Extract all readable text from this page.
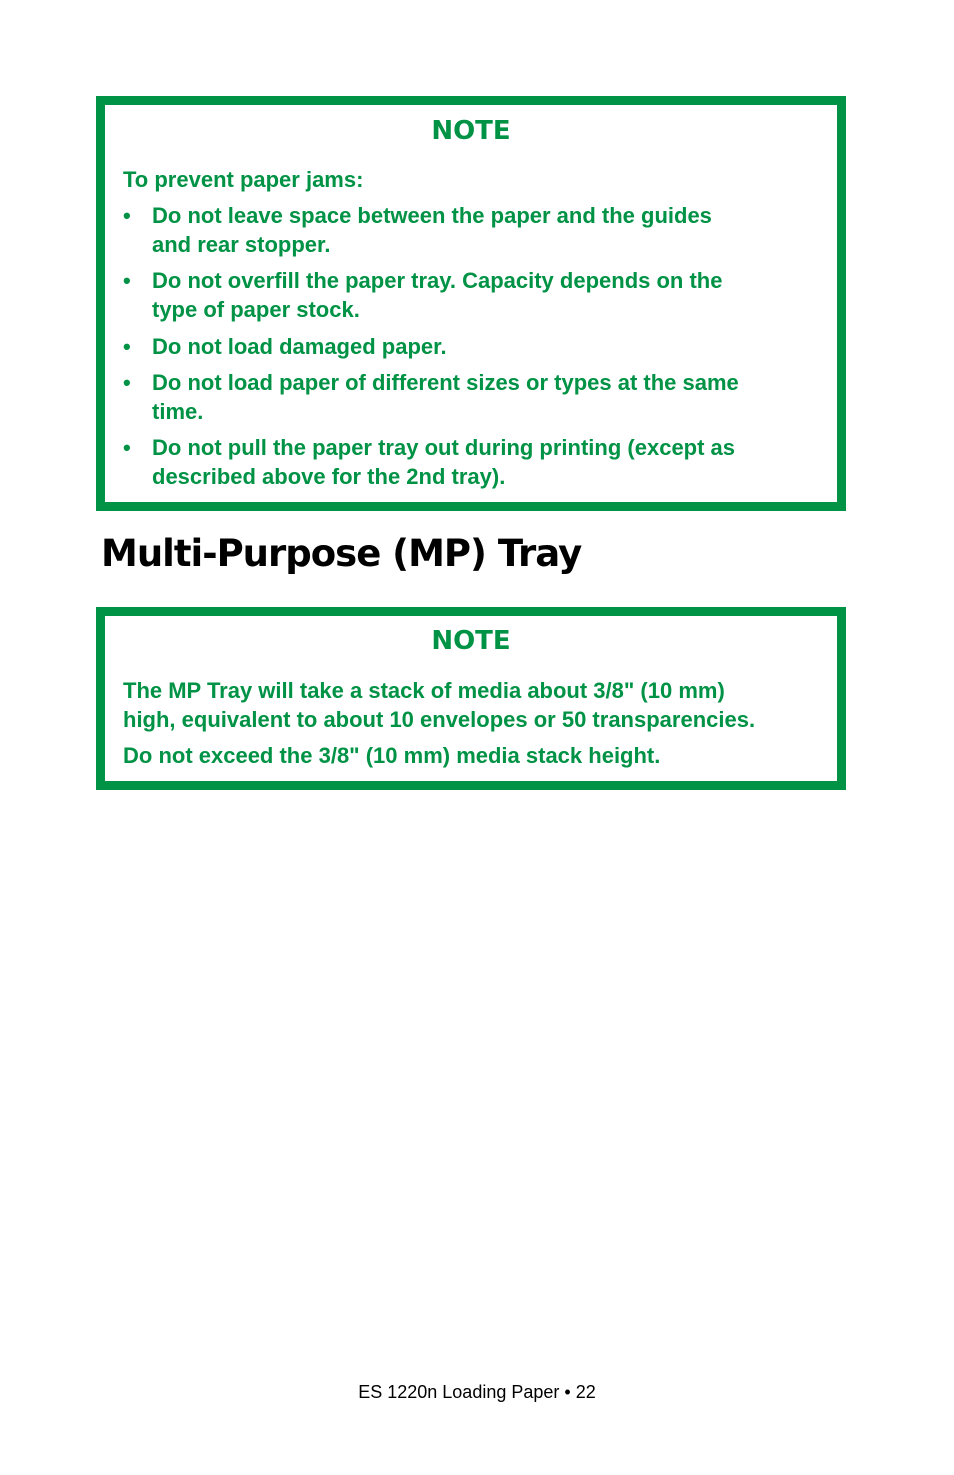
NOTE
To prevent paper jams:
• Do not leave space between the paper and the guides
and rear stopper.
• Do not overfill the paper tray. Capacity depends on the
type of paper stock.
• Do not load damaged paper.
• Do not load paper of different sizes or types at the same
time.
• Do not pull the paper tray out during printing (except as
described above for the 2nd tray).
Multi-Purpose (MP) Tray
NOTE
The MP Tray will take a stack of media about 3/8" (10 mm)
high, equivalent to about 10 envelopes or 50 transparencies.
Do not exceed the 3/8" (10 mm) media stack height.
ES 1220n Loading Paper • 22
